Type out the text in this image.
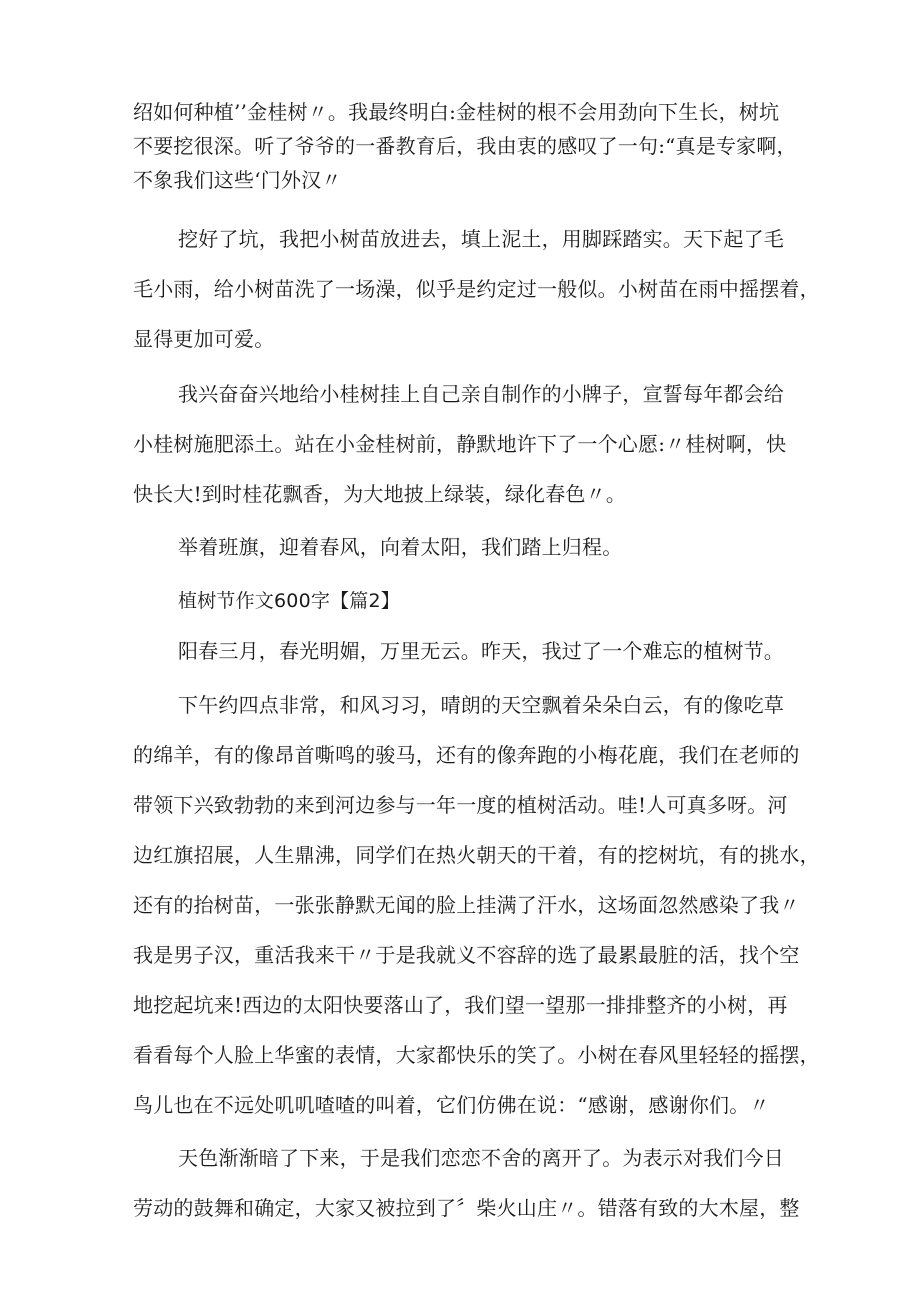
绍如何种植’’金桂树〃。我最终明白:金桂树的根不会用劲向下生长，树坑
不要挖很深。听了爷爷的一番教育后，我由衷的感叹了一句:“真是专家啊，
不象我们这些‘门外汉〃
挖好了坑，我把小树苗放进去，填上泥土，用脚踩踏实。天下起了毛
毛小雨，给小树苗洗了一场澡，似乎是约定过一般似。小树苗在雨中摇摆着，
显得更加可爱。
我兴奋奋兴地给小桂树挂上自己亲自制作的小牌子，宣誓每年都会给
小桂树施肥添土。站在小金桂树前，静默地许下了一个心愿:〃桂树啊，快
快长大!到时桂花飘香，为大地披上绿装，绿化春色〃。
举着班旗，迎着春风，向着太阳，我们踏上归程。
植树节作文600字【篇2】
阳春三月，春光明媚，万里无云。昨天，我过了一个难忘的植树节。
下午约四点非常，和风习习，晴朗的天空飘着朵朵白云，有的像吃草
的绵羊，有的像昂首嘶鸣的骏马，还有的像奔跑的小梅花鹿，我们在老师的
带领下兴致勃勃的来到河边参与一年一度的植树活动。哇!人可真多呀。河
边红旗招展，人生鼎沸，同学们在热火朝天的干着，有的挖树坑，有的挑水，
还有的抬树苗，一张张静默无闻的脸上挂满了汗水，这场面忽然感染了我〃
我是男子汉，重活我来干〃于是我就义不容辞的选了最累最脏的活，找个空
地挖起坑来!西边的太阳快要落山了，我们望一望那一排排整齐的小树，再
看看每个人脸上华蜜的表情，大家都快乐的笑了。小树在春风里轻轻的摇摆，
鸟儿也在不远处叽叽喳喳的叫着，它们仿佛在说：“感谢，感谢你们。〃
天色渐渐暗了下来，于是我们恋恋不舍的离开了。为表示对我们今日
劳动的鼓舞和确定，大家又被拉到了〞柴火山庄〃。错落有致的大木屋，整
